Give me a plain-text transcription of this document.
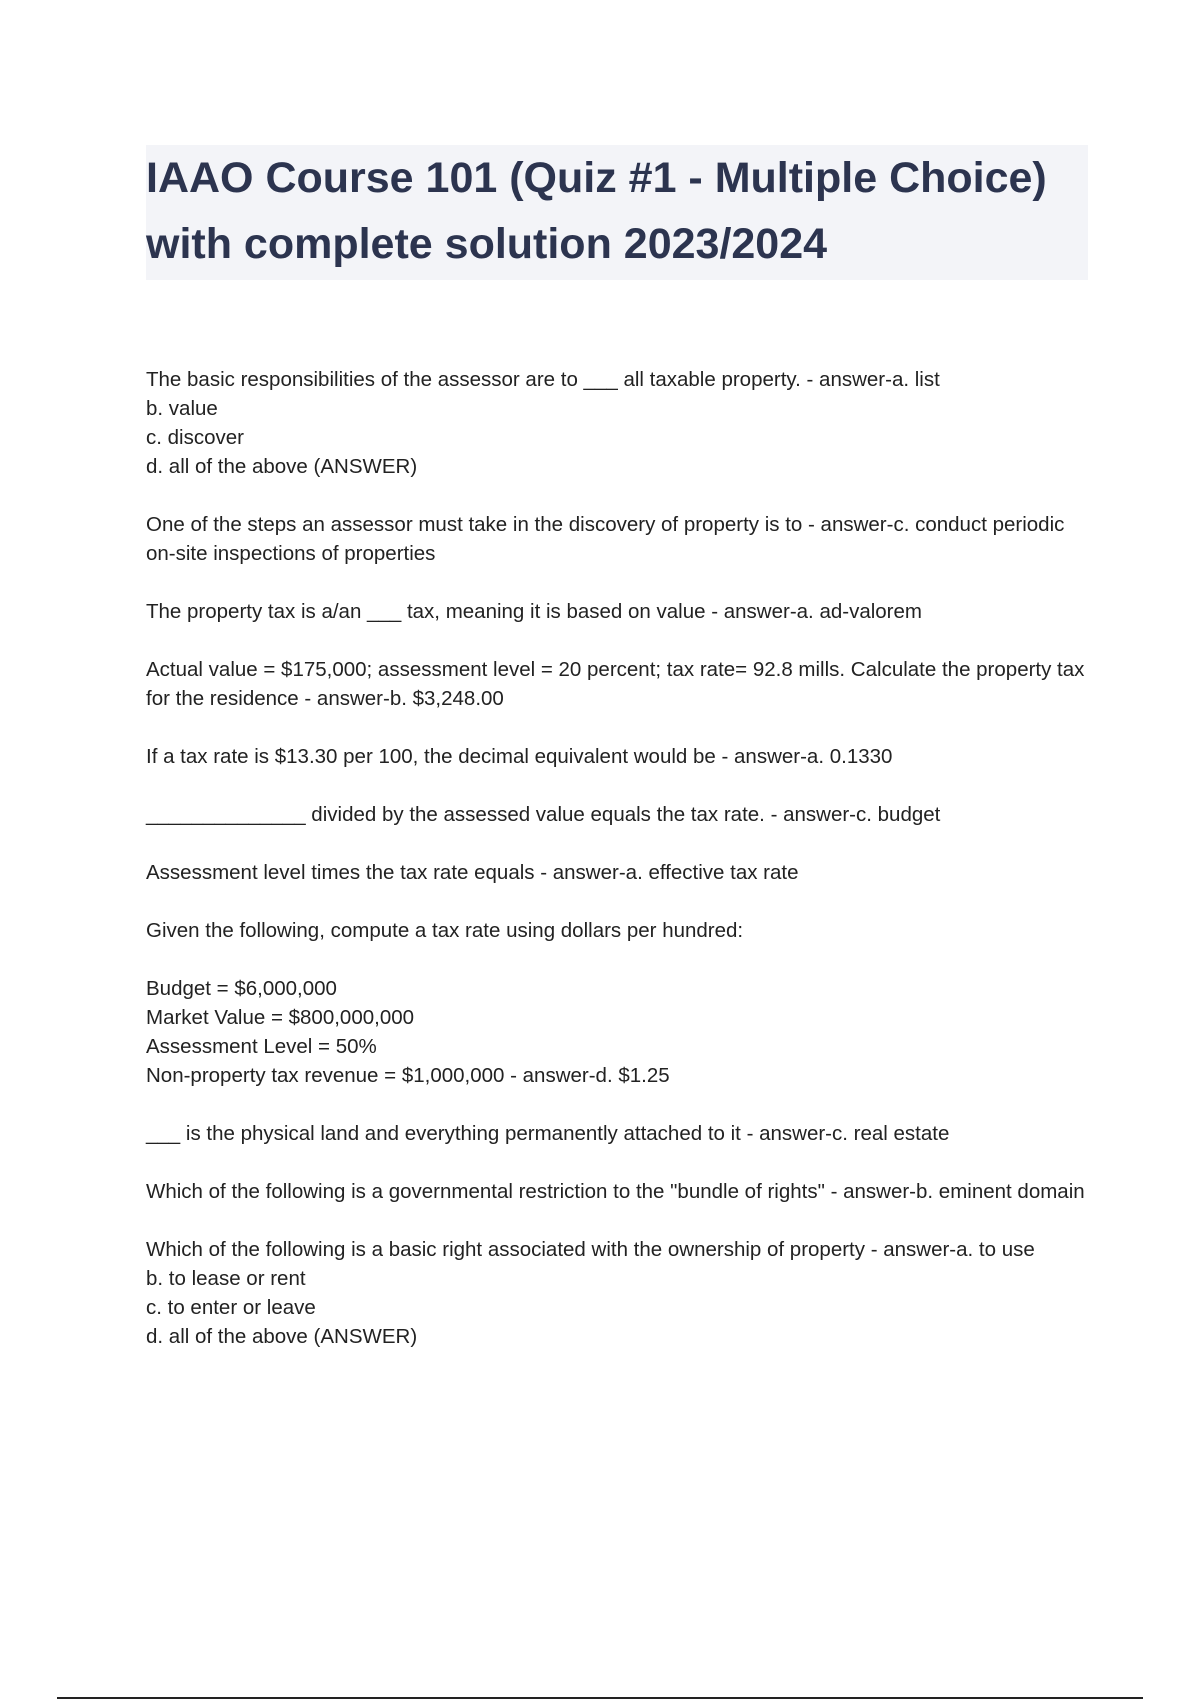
IAAO Course 101 (Quiz #1 - Multiple Choice) with complete solution 2023/2024
The basic responsibilities of the assessor are to ___ all taxable property. - answer-a. list
b. value
c. discover
d. all of the above (ANSWER)
One of the steps an assessor must take in the discovery of property is to - answer-c. conduct periodic on-site inspections of properties
The property tax is a/an ___ tax, meaning it is based on value - answer-a. ad-valorem
Actual value = $175,000; assessment level = 20 percent; tax rate= 92.8 mills. Calculate the property tax for the residence - answer-b. $3,248.00
If a tax rate is $13.30 per 100, the decimal equivalent would be - answer-a. 0.1330
______________ divided by the assessed value equals the tax rate. - answer-c. budget
Assessment level times the tax rate equals - answer-a. effective tax rate
Given the following, compute a tax rate using dollars per hundred:
Budget = $6,000,000
Market Value = $800,000,000
Assessment Level = 50%
Non-property tax revenue = $1,000,000 - answer-d. $1.25
___ is the physical land and everything permanently attached to it - answer-c. real estate
Which of the following is a governmental restriction to the "bundle of rights" - answer-b. eminent domain
Which of the following is a basic right associated with the ownership of property - answer-a. to use
b. to lease or rent
c. to enter or leave
d. all of the above (ANSWER)
